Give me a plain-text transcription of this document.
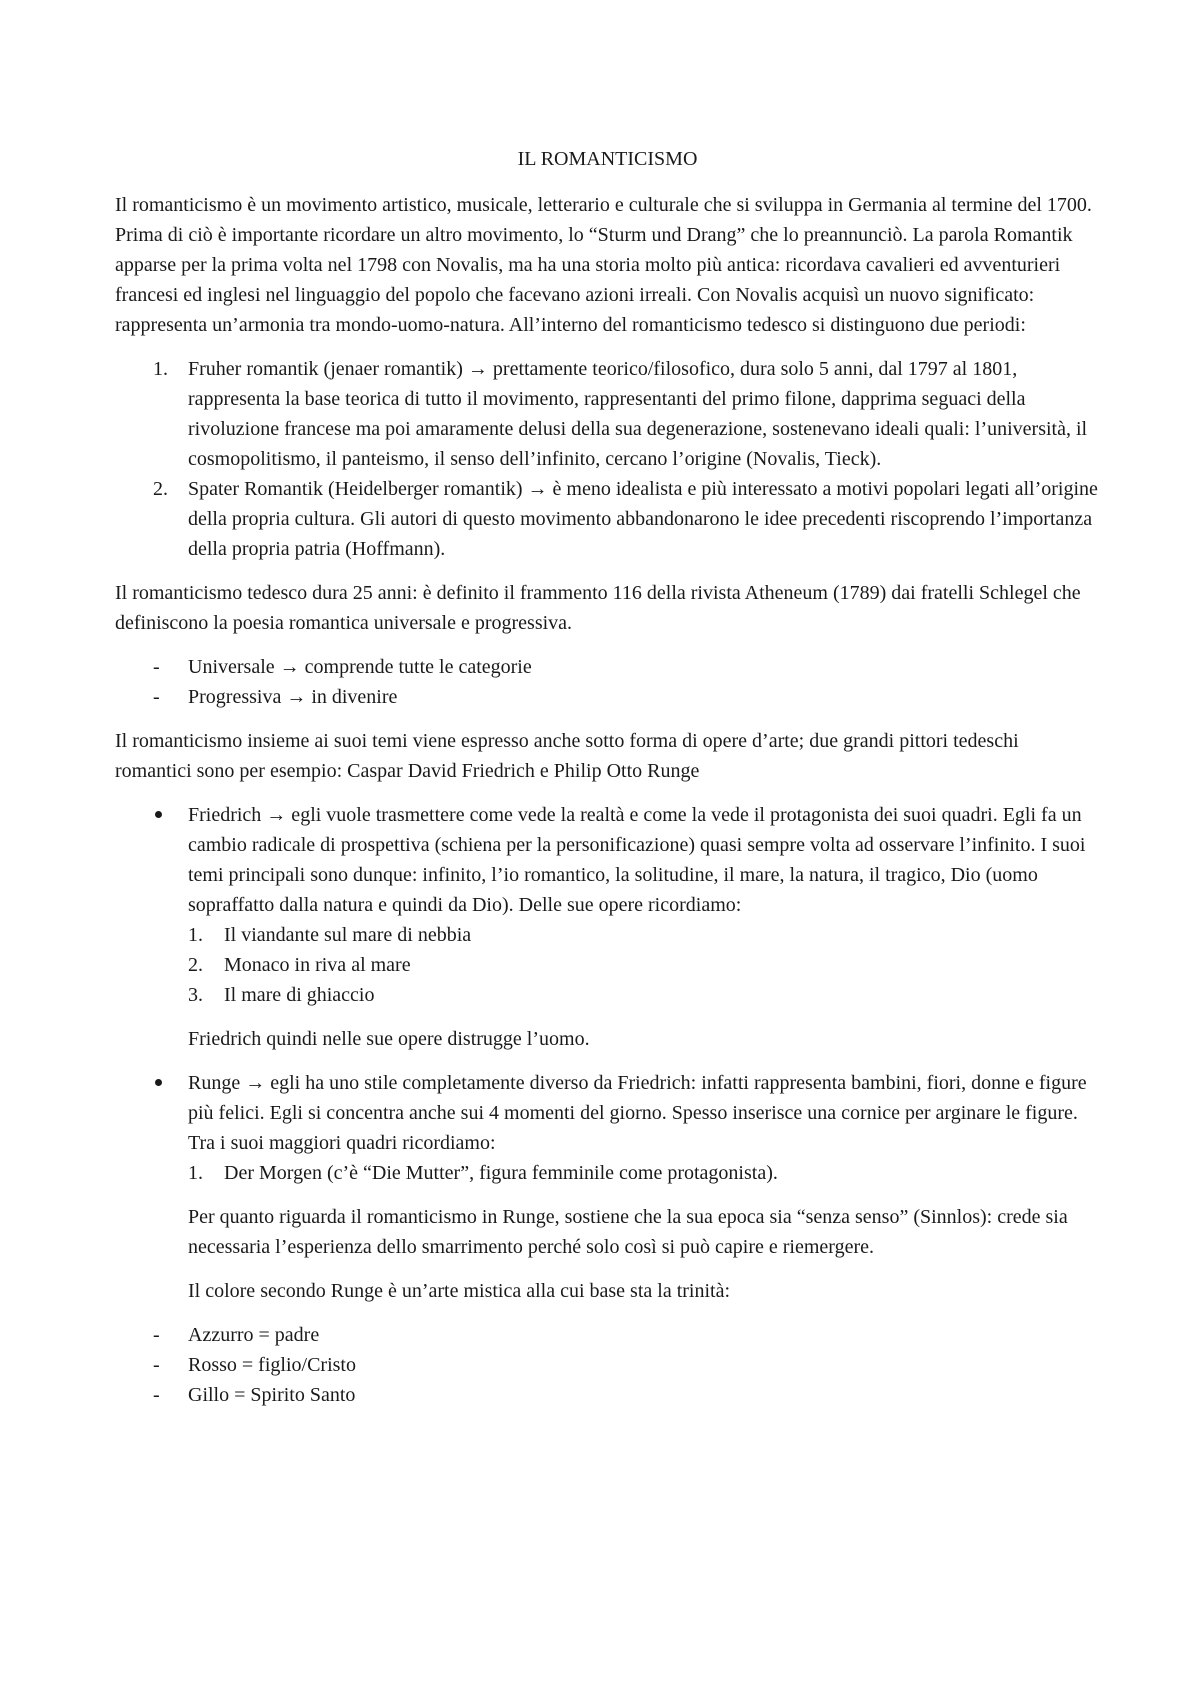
IL ROMANTICISMO

Il romanticismo è un movimento artistico, musicale, letterario e culturale che si sviluppa in Germania al termine del 1700. Prima di ciò è importante ricordare un altro movimento, lo “Sturm und Drang” che lo preannunciò. La parola Romantik apparse per la prima volta nel 1798 con Novalis, ma ha una storia molto più antica: ricordava cavalieri ed avventurieri francesi ed inglesi nel linguaggio del popolo che facevano azioni irreali. Con Novalis acquisì un nuovo significato: rappresenta un’armonia tra mondo-uomo-natura. All’interno del romanticismo tedesco si distinguono due periodi:

1. Fruher romantik (jenaer romantik) → prettamente teorico/filosofico, dura solo 5 anni, dal 1797 al 1801, rappresenta la base teorica di tutto il movimento, rappresentanti del primo filone, dapprima seguaci della rivoluzione francese ma poi amaramente delusi della sua degenerazione, sostenevano ideali quali: l’università, il cosmopolitismo, il panteismo, il senso dell’infinito, cercano l’origine (Novalis, Tieck).
2. Spater Romantik (Heidelberger romantik) → è meno idealista e più interessato a motivi popolari legati all’origine della propria cultura. Gli autori di questo movimento abbandonarono le idee precedenti riscoprendo l’importanza della propria patria (Hoffmann).

Il romanticismo tedesco dura 25 anni: è definito il frammento 116 della rivista Atheneum (1789) dai fratelli Schlegel che definiscono la poesia romantica universale e progressiva.

- Universale → comprende tutte le categorie
- Progressiva → in divenire

Il romanticismo insieme ai suoi temi viene espresso anche sotto forma di opere d’arte; due grandi pittori tedeschi romantici sono per esempio: Caspar David Friedrich e Philip Otto Runge

Friedrich → egli vuole trasmettere come vede la realtà e come la vede il protagonista dei suoi quadri. Egli fa un cambio radicale di prospettiva (schiena per la personificazione) quasi sempre volta ad osservare l’infinito. I suoi temi principali sono dunque: infinito, l’io romantico, la solitudine, il mare, la natura, il tragico, Dio (uomo sopraffatto dalla natura e quindi da Dio). Delle sue opere ricordiamo:
1. Il viandante sul mare di nebbia
2. Monaco in riva al mare
3. Il mare di ghiaccio

Friedrich quindi nelle sue opere distrugge l’uomo.

Runge → egli ha uno stile completamente diverso da Friedrich: infatti rappresenta bambini, fiori, donne e figure più felici. Egli si concentra anche sui 4 momenti del giorno. Spesso inserisce una cornice per arginare le figure. Tra i suoi maggiori quadri ricordiamo:
1. Der Morgen (c’è “Die Mutter”, figura femminile come protagonista).

Per quanto riguarda il romanticismo in Runge, sostiene che la sua epoca sia “senza senso” (Sinnlos): crede sia necessaria l’esperienza dello smarrimento perché solo così si può capire e riemergere.

Il colore secondo Runge è un’arte mistica alla cui base sta la trinità:

- Azzurro = padre
- Rosso = figlio/Cristo
- Gillo = Spirito Santo
